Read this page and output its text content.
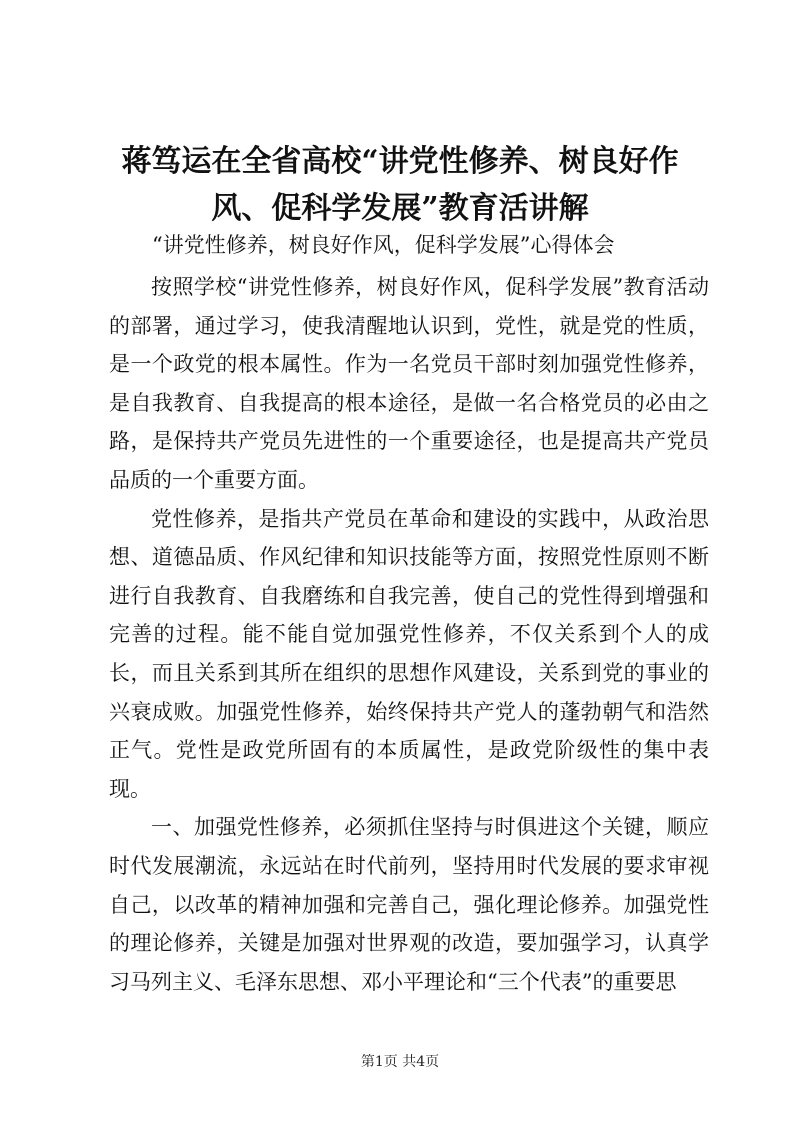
蒋笃运在全省高校“讲党性修养、树良好作风、促科学发展”教育活讲解
“讲党性修养，树良好作风，促科学发展”心得体会

按照学校“讲党性修养，树良好作风，促科学发展”教育活动的部署，通过学习，使我清醒地认识到，党性，就是党的性质，是一个政党的根本属性。作为一名党员干部时刻加强党性修养，是自我教育、自我提高的根本途径，是做一名合格党员的必由之路，是保持共产党员先进性的一个重要途径，也是提高共产党员品质的一个重要方面。

党性修养，是指共产党员在革命和建设的实践中，从政治思想、道德品质、作风纪律和知识技能等方面，按照党性原则不断进行自我教育、自我磨练和自我完善，使自己的党性得到增强和完善的过程。能不能自觉加强党性修养，不仅关系到个人的成长，而且关系到其所在组织的思想作风建设，关系到党的事业的兴衰成败。加强党性修养，始终保持共产党人的蓬勃朝气和浩然正气。党性是政党所固有的本质属性，是政党阶级性的集中表现。

一、加强党性修养，必须抓住坚持与时俱进这个关键，顺应时代发展潮流，永远站在时代前列，坚持用时代发展的要求审视自己，以改革的精神加强和完善自己，强化理论修养。加强党性的理论修养，关键是加强对世界观的改造，要加强学习，认真学习马列主义、毛泽东思想、邓小平理论和“三个代表”的重要思

第1页 共4页
